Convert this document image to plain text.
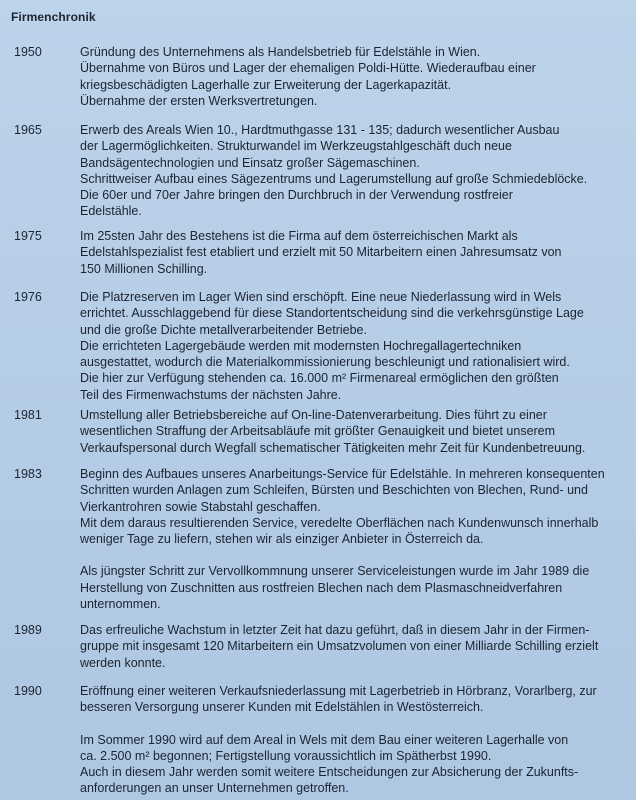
Firmenchronik
1950	Gründung des Unternehmens als Handelsbetrieb für Edelstähle in Wien.
Übernahme von Büros und Lager der ehemaligen Poldi-Hütte. Wiederaufbau einer
kriegsbeschädigten Lagerhalle zur Erweiterung der Lagerkapazität.
Übernahme der ersten Werksvertretungen.
1965	Erwerb des Areals Wien 10., Hardtmuthgasse 131 - 135; dadurch wesentlicher Ausbau
der Lagermöglichkeiten. Strukturwandel im Werkzeugstahlgeschäft duch neue
Bandsägentechnologien und Einsatz großer Sägemaschinen.
Schrittweiser Aufbau eines Sägezentrums und Lagerumstellung auf große Schmiedeblöcke.
Die 60er und 70er Jahre bringen den Durchbruch in der Verwendung rostfreier
Edelstähle.
1975	Im 25sten Jahr des Bestehens ist die Firma auf dem österreichischen Markt als
Edelstahlspezialist fest etabliert und erzielt mit 50 Mitarbeitern einen Jahresumsatz von
150 Millionen Schilling.
1976	Die Platzreserven im Lager Wien sind erschöpft. Eine neue Niederlassung wird in Wels
errichtet. Ausschlaggebend für diese Standortentscheidung sind die verkehrsgünstige Lage
und die große Dichte metallverarbeitender Betriebe.
Die errichteten Lagergebäude werden mit modernsten Hochregallagertechniken
ausgestattet, wodurch die Materialkommissionierung beschleunigt und rationalisiert wird.
Die hier zur Verfügung stehenden ca. 16.000 m² Firmenareal ermöglichen den größten
Teil des Firmenwachstums der nächsten Jahre.
1981	Umstellung aller Betriebsbereiche auf On-line-Datenverarbeitung. Dies führt zu einer
wesentlichen Straffung der Arbeitsabläufe mit größter Genauigkeit und bietet unserem
Verkaufspersonal durch Wegfall schematischer Tätigkeiten mehr Zeit für Kundenbetreuung.
1983	Beginn des Aufbaues unseres Anarbeitungs-Service für Edelstähle. In mehreren konsequenten
Schritten wurden Anlagen zum Schleifen, Bürsten und Beschichten von Blechen, Rund- und
Vierkantrohren sowie Stabstahl geschaffen.
Mit dem daraus resultierenden Service, veredelte Oberflächen nach Kundenwunsch innerhalb
weniger Tage zu liefern, stehen wir als einziger Anbieter in Österreich da.
Als jüngster Schritt zur Vervollkommnung unserer Serviceleistungen wurde im Jahr 1989 die
Herstellung von Zuschnitten aus rostfreien Blechen nach dem Plasmaschneidverfahren
unternommen.
1989	Das erfreuliche Wachstum in letzter Zeit hat dazu geführt, daß in diesem Jahr in der Firmen-
gruppe mit insgesamt 120 Mitarbeitern ein Umsatzvolumen von einer Milliarde Schilling erzielt
werden konnte.
1990	Eröffnung einer weiteren Verkaufsniederlassung mit Lagerbetrieb in Hörbranz, Vorarlberg, zur
besseren Versorgung unserer Kunden mit Edelstählen in Westösterreich.
Im Sommer 1990 wird auf dem Areal in Wels mit dem Bau einer weiteren Lagerhalle von
ca. 2.500 m² begonnen; Fertigstellung voraussichtlich im Spätherbst 1990.
Auch in diesem Jahr werden somit weitere Entscheidungen zur Absicherung der Zukunfts-
anforderungen an unser Unternehmen getroffen.
